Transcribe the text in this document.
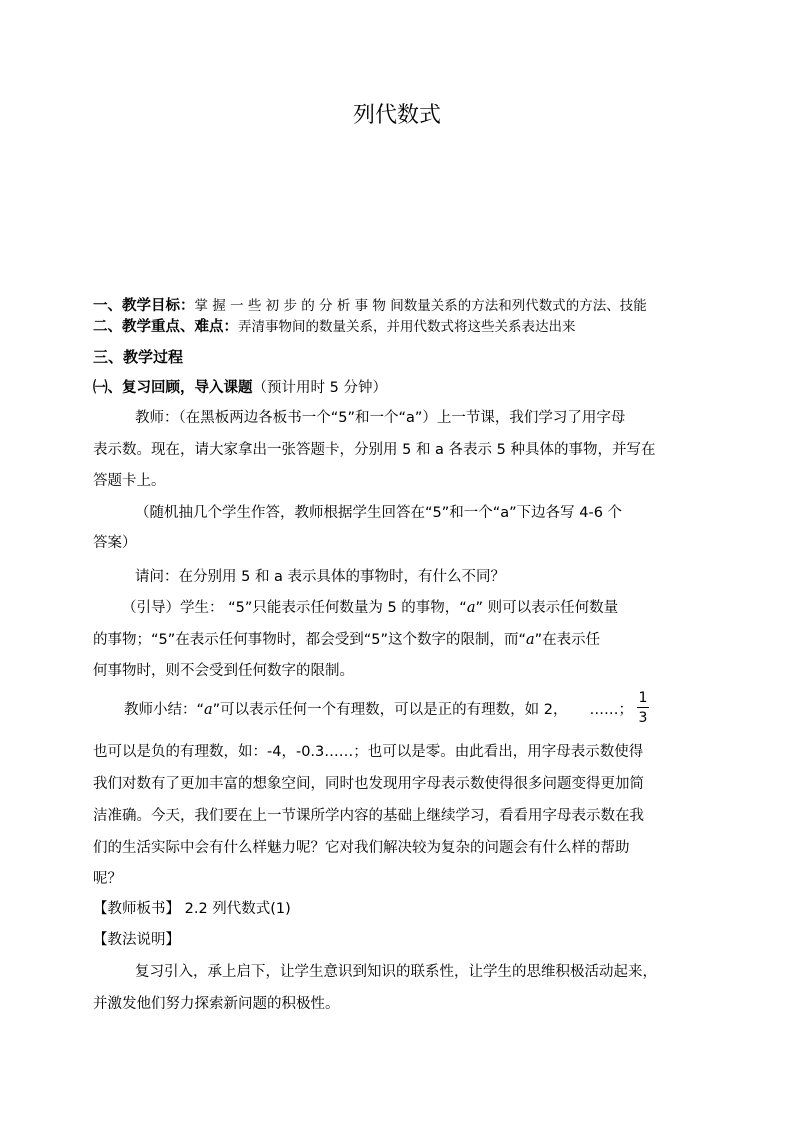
列代数式
一、教学目标：掌 握 一 些 初 步 的 分 析 事 物 间数量关系的方法和列代数式的方法、技能
二、教学重点、难点：弄清事物间的数量关系，并用代数式将这些关系表达出来
三、教学过程
㈠、复习回顾，导入课题（预计用时 5 分钟）
教师：（在黑板两边各板书一个“5”和一个“a”）上一节课，我们学习了用字母
表示数。现在，请大家拿出一张答题卡，分别用 5 和 a 各表示 5 种具体的事物，并写在
答题卡上。
（随机抽几个学生作答，教师根据学生回答在“5”和一个“a”下边各写 4-6 个
答案）
请问：在分别用 5 和 a 表示具体的事物时，有什么不同？
（引导）学生： “5”只能表示任何数量为 5 的事物，“a” 则可以表示任何数量
的事物；“5”在表示任何事物时，都会受到“5”这个数字的限制，而“a”在表示任
何事物时，则不会受到任何数字的限制。
教师小结：“a”可以表示任何一个有理数，可以是正的有理数，如 2， ……；
1
3
也可以是负的有理数，如：-4，-0.3……；也可以是零。由此看出，用字母表示数使得
我们对数有了更加丰富的想象空间，同时也发现用字母表示数使得很多问题变得更加简
洁准确。今天，我们要在上一节课所学内容的基础上继续学习，看看用字母表示数在我
们的生活实际中会有什么样魅力呢？它对我们解决较为复杂的问题会有什么样的帮助
呢？
【教师板书】 2.2 列代数式(1)
【教法说明】
复习引入，承上启下，让学生意识到知识的联系性，让学生的思维积极活动起来，
并激发他们努力探索新问题的积极性。
